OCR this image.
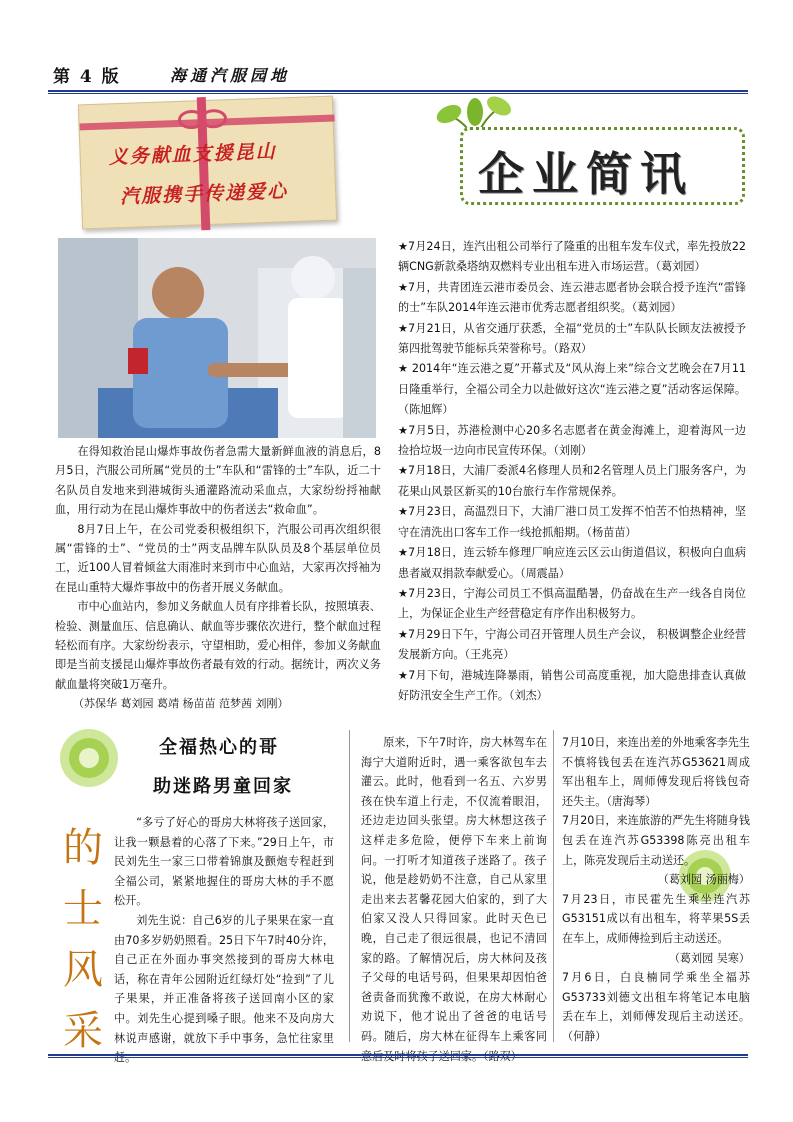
第 4 版	海通汽服园地
义务献血支援昆山
汽服携手传递爱心	企业简讯

在得知救治昆山爆炸事故伤者急需大量新鲜血液的消息后，8月5日，汽服公司所属“党员的士”车队和“雷锋的士”车队，近二十名队员自发地来到港城街头通灌路流动采血点，大家纷纷捋袖献血，用行动为在昆山爆炸事故中的伤者送去“救命血”。

8月7日上午，在公司党委积极组织下，汽服公司再次组织很属“雷锋的士”、“党员的士”两支品牌车队队员及8个基层单位员工，近100人冒着倾盆大雨准时来到市中心血站，大家再次捋袖为在昆山重特大爆炸事故中的伤者开展义务献血。

市中心血站内，参加义务献血人员有序排着长队，按照填表、检验、测量血压、信息确认、献血等步骤依次进行，整个献血过程轻松而有序。大家纷纷表示，守望相助，爱心相伴，参加义务献血即是当前支援昆山爆炸事故伤者最有效的行动。据统计，两次义务献血量将突破1万毫升。

（苏保华 葛刘园 葛靖 杨苗苗 范梦茜 刘刚）

★7月24日，连汽出租公司举行了隆重的出租车发车仪式，率先投放22辆CNG新款桑塔纳双燃料专业出租车进入市场运营。（葛刘园）

★7月，共青团连云港市委员会、连云港志愿者协会联合授予连汽“雷锋的士”车队2014年连云港市优秀志愿者组织奖。（葛刘园）

★7月21日，从省交通厅获悉，全福“党员的士”车队队长顾友法被授予第四批驾驶节能标兵荣誉称号。（路双）

★ 2014年“连云港之夏”开幕式及“风从海上来”综合文艺晚会在7月11日隆重举行，全福公司全力以赴做好这次“连云港之夏”活动客运保障。（陈旭辉）

★7月5日，苏港检测中心20多名志愿者在黄金海滩上，迎着海风一边捡拾垃圾一边向市民宣传环保。（刘刚）

★7月18日，大浦厂委派4名修理人员和2名管理人员上门服务客户，为花果山风景区新买的10台旅行车作常规保养。

★7月23日，高温烈日下，大浦厂港口员工发挥不怕苦不怕热精神，坚守在清洗出口客车工作一线抢抓船期。（杨苗苗）

★7月18日，连云轿车修理厂响应连云区云山街道倡议，积极向白血病患者崴双捐款奉献爱心。（周震晶）

★7月23日，宁海公司员工不惧高温酷暑，仍奋战在生产一线各自岗位上，为保证企业生产经营稳定有序作出积极努力。

★7月29日下午，宁海公司召开管理人员生产会议， 积极调整企业经营发展新方向。（王兆亮）

★7月下旬，港城连降暴雨，销售公司高度重视，加大隐患排查认真做好防汛安全生产工作。（刘杰）

的
士
风
采
全福热心的哥
助迷路男童回家

“多亏了好心的哥房大林将孩子送回家，让我一颗悬着的心落了下来。”29日上午，市民刘先生一家三口带着锦旗及颤炮专程赶到全福公司，紧紧地握住的哥房大林的手不愿松开。

刘先生说：自己6岁的儿子果果在家一直由70多岁奶奶照看。25日下午7时40分许，自己正在外面办事突然接到的哥房大林电话，称在青年公园附近红绿灯处“捡到”了儿子果果，并正准备将孩子送回南小区的家中。刘先生心提到嗓子眼。他来不及向房大林说声感谢，就放下手中事务，急忙往家里赶。

原来，下午7时许，房大林驾车在海宁大道附近时，遇一乘客欲包车去灌云。此时，他看到一名五、六岁男孩在快车道上行走，不仅流着眼泪，还边走边回头张望。房大林想这孩子这样走多危险，便停下车来上前询问。一打听才知道孩子迷路了。孩子说，他是趁奶奶不注意，自己从家里走出来去茗馨花园大伯家的，到了大伯家又没人只得回家。此时天色已晚，自己走了很远很晨，也记不清回家的路。了解情况后，房大林问及孩子父母的电话号码，但果果却因怕爸爸责备而犹豫不敢说，在房大林耐心劝说下，他才说出了爸爸的电话号码。随后，房大林在征得车上乘客同意后及时将孩子送回家。（路双）

7月10日，来连出差的外地乘客李先生不慎将钱包丢在连汽苏G53621周成军出租车上，周师傅发现后将钱包奇还失主。（唐海琴）

7月20日，来连旅游的严先生将随身钱包丢在连汽苏G53398陈亮出租车上，陈亮发现后主动送还。

（葛刘园 汤丽梅）

7月23日，市民霍先生乘坐连汽苏G53151成以有出租车，将苹果5S丢在车上，成师傅捡到后主动送还。

（葛刘园 吴寒）

7月6日，白良楠同学乘坐全福苏G53733刘德文出租车将笔记本电脑丢在车上，刘师傅发现后主动送还。（何静）
